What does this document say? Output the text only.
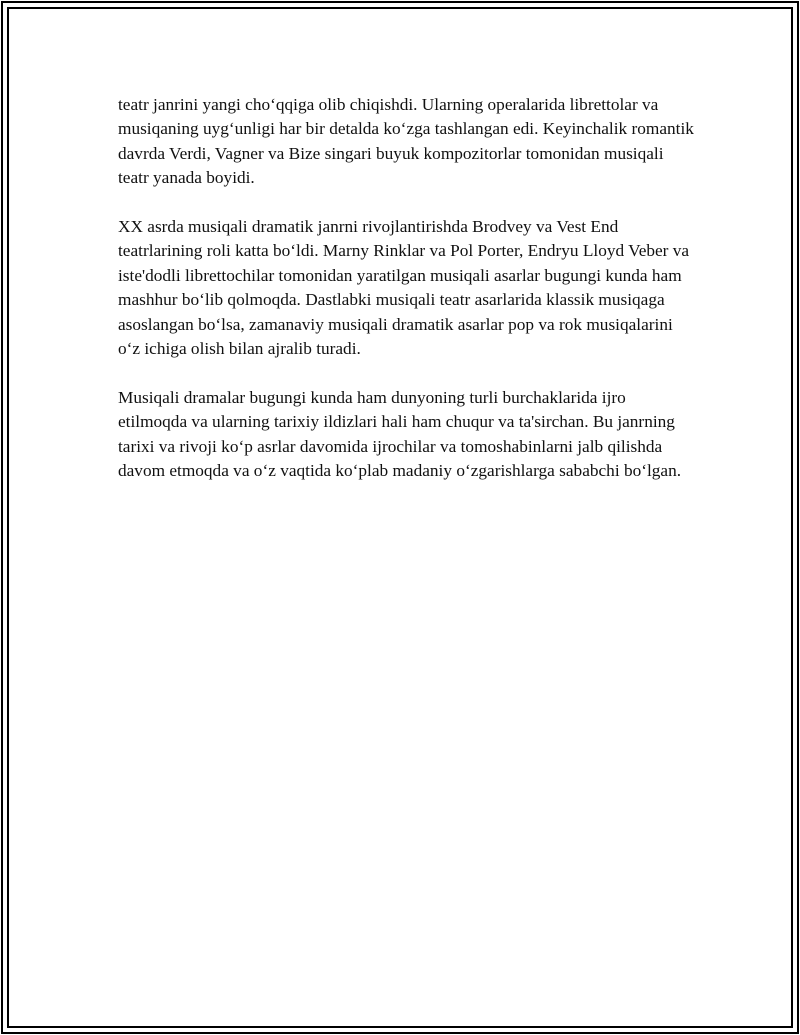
teatr janrini yangi cho‘qqiga olib chiqishdi. Ularning operalarida librettolar va musiqaning uyg‘unligi har bir detalda ko‘zga tashlangan edi. Keyinchalik romantik davrda Verdi, Vagner va Bize singari buyuk kompozitorlar tomonidan musiqali teatr yanada boyidi.

XX asrda musiqali dramatik janrni rivojlantirishda Brodvey va Vest End teatrlarining roli katta bo‘ldi. Marny Rinklar va Pol Porter, Endryu Lloyd Veber va iste'dodli librettochilar tomonidan yaratilgan musiqali asarlar bugungi kunda ham mashhur bo‘lib qolmoqda. Dastlabki musiqali teatr asarlarida klassik musiqaga asoslangan bo‘lsa, zamanaviy musiqali dramatik asarlar pop va rok musiqalarini o‘z ichiga olish bilan ajralib turadi.

Musiqali dramalar bugungi kunda ham dunyoning turli burchaklarida ijro etilmoqda va ularning tarixiy ildizlari hali ham chuqur va ta'sirchan. Bu janrning tarixi va rivoji ko‘p asrlar davomida ijrochilar va tomoshabinlarni jalb qilishda davom etmoqda va o‘z vaqtida ko‘plab madaniy o‘zgarishlarga sababchi bo‘lgan.
